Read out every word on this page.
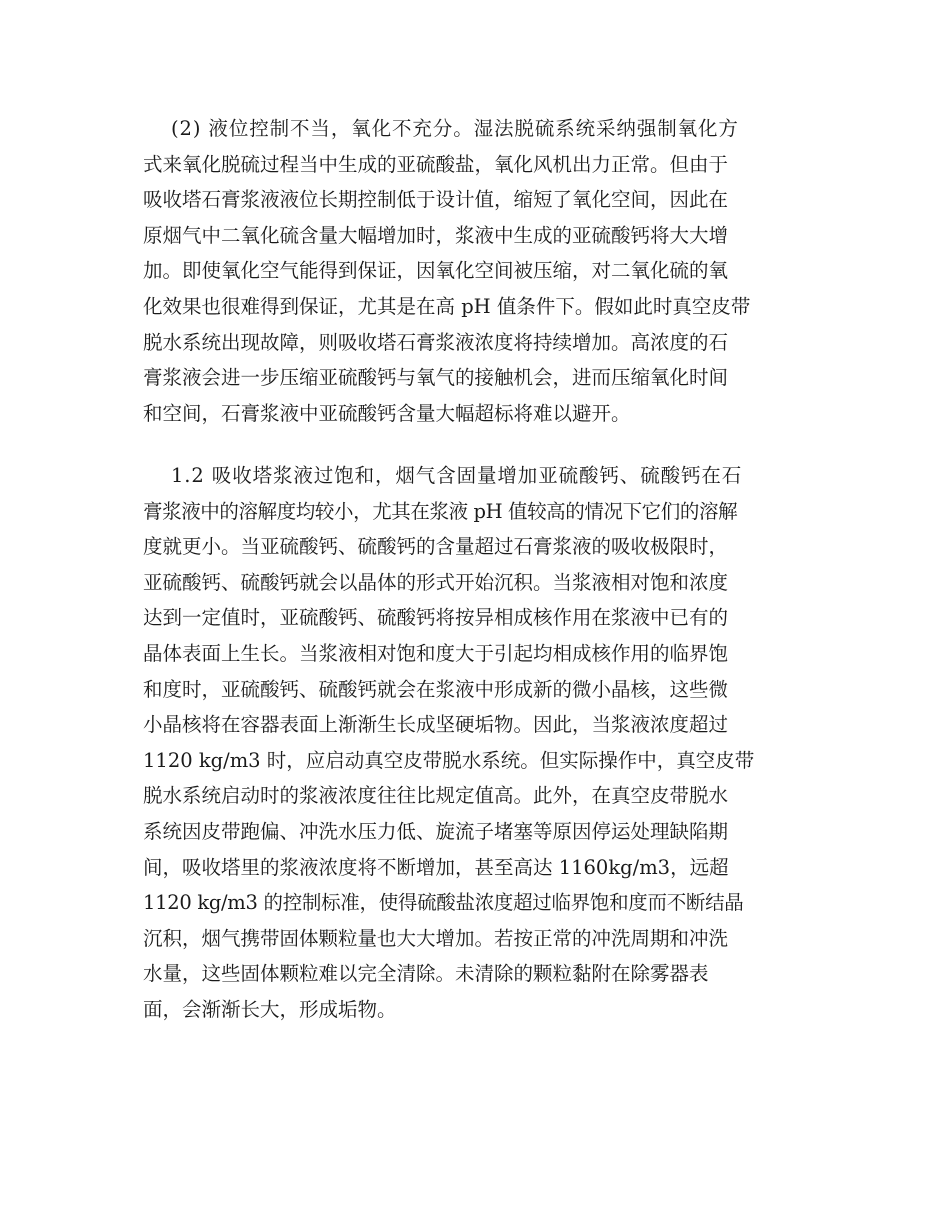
(2) 液位控制不当，氧化不充分。湿法脱硫系统采纳强制氧化方
式来氧化脱硫过程当中生成的亚硫酸盐，氧化风机出力正常。但由于
吸收塔石膏浆液液位长期控制低于设计值，缩短了氧化空间，因此在
原烟气中二氧化硫含量大幅增加时，浆液中生成的亚硫酸钙将大大增
加。即使氧化空气能得到保证，因氧化空间被压缩，对二氧化硫的氧
化效果也很难得到保证，尤其是在高 pH 值条件下。假如此时真空皮带
脱水系统出现故障，则吸收塔石膏浆液浓度将持续增加。高浓度的石
膏浆液会进一步压缩亚硫酸钙与氧气的接触机会，进而压缩氧化时间
和空间，石膏浆液中亚硫酸钙含量大幅超标将难以避开。
1.2 吸收塔浆液过饱和，烟气含固量增加亚硫酸钙、硫酸钙在石
膏浆液中的溶解度均较小，尤其在浆液 pH 值较高的情况下它们的溶解
度就更小。当亚硫酸钙、硫酸钙的含量超过石膏浆液的吸收极限时，
亚硫酸钙、硫酸钙就会以晶体的形式开始沉积。当浆液相对饱和浓度
达到一定值时，亚硫酸钙、硫酸钙将按异相成核作用在浆液中已有的
晶体表面上生长。当浆液相对饱和度大于引起均相成核作用的临界饱
和度时，亚硫酸钙、硫酸钙就会在浆液中形成新的微小晶核，这些微
小晶核将在容器表面上渐渐生长成坚硬垢物。因此，当浆液浓度超过
1120 kg/m3 时，应启动真空皮带脱水系统。但实际操作中，真空皮带
脱水系统启动时的浆液浓度往往比规定值高。此外，在真空皮带脱水
系统因皮带跑偏、冲洗水压力低、旋流子堵塞等原因停运处理缺陷期
间，吸收塔里的浆液浓度将不断增加，甚至高达 1160kg/m3，远超
1120 kg/m3 的控制标准，使得硫酸盐浓度超过临界饱和度而不断结晶
沉积，烟气携带固体颗粒量也大大增加。若按正常的冲洗周期和冲洗
水量，这些固体颗粒难以完全清除。未清除的颗粒黏附在除雾器表
面，会渐渐长大，形成垢物。
